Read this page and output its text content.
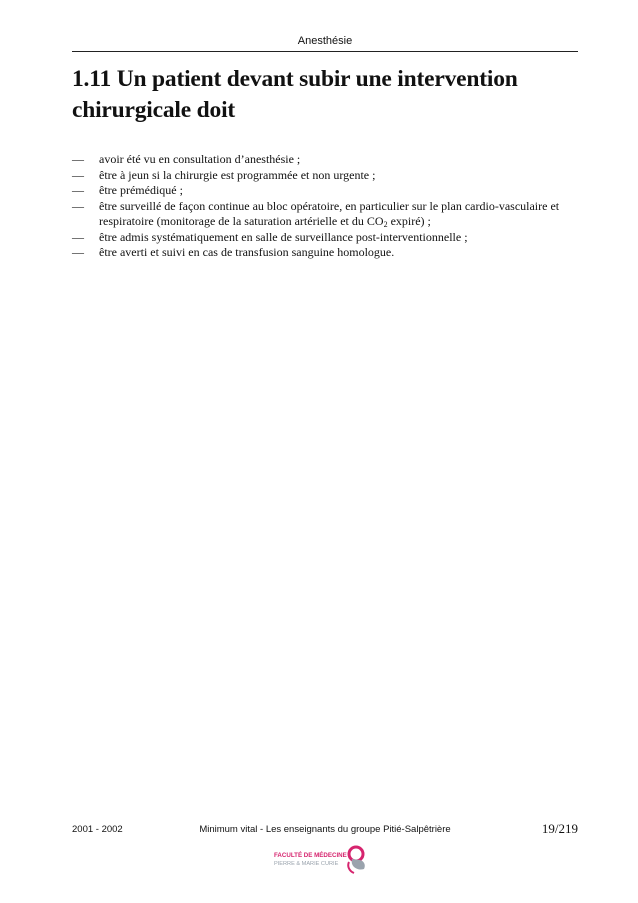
Anesthésie
1.11 Un patient devant subir une intervention chirurgicale doit
— avoir été vu en consultation d’anesthésie ;
— être à jeun si la chirurgie est programmée et non urgente ;
— être prémédiqué ;
— être surveillé de façon continue au bloc opératoire, en particulier sur le plan cardio-vasculaire et respiratoire (monitorage de la saturation artérielle et du $CO_2$ expiré) ;
— être admis systématiquement en salle de surveillance post-interventionnelle ;
— être averti et suivi en cas de transfusion sanguine homologue.
2001 - 2002	Minimum vital - Les enseignants du groupe Pitié-Salpêtrière	19/219
FACULTÉ DE MÉDECINE
PIERRE & MARIE CURIE
